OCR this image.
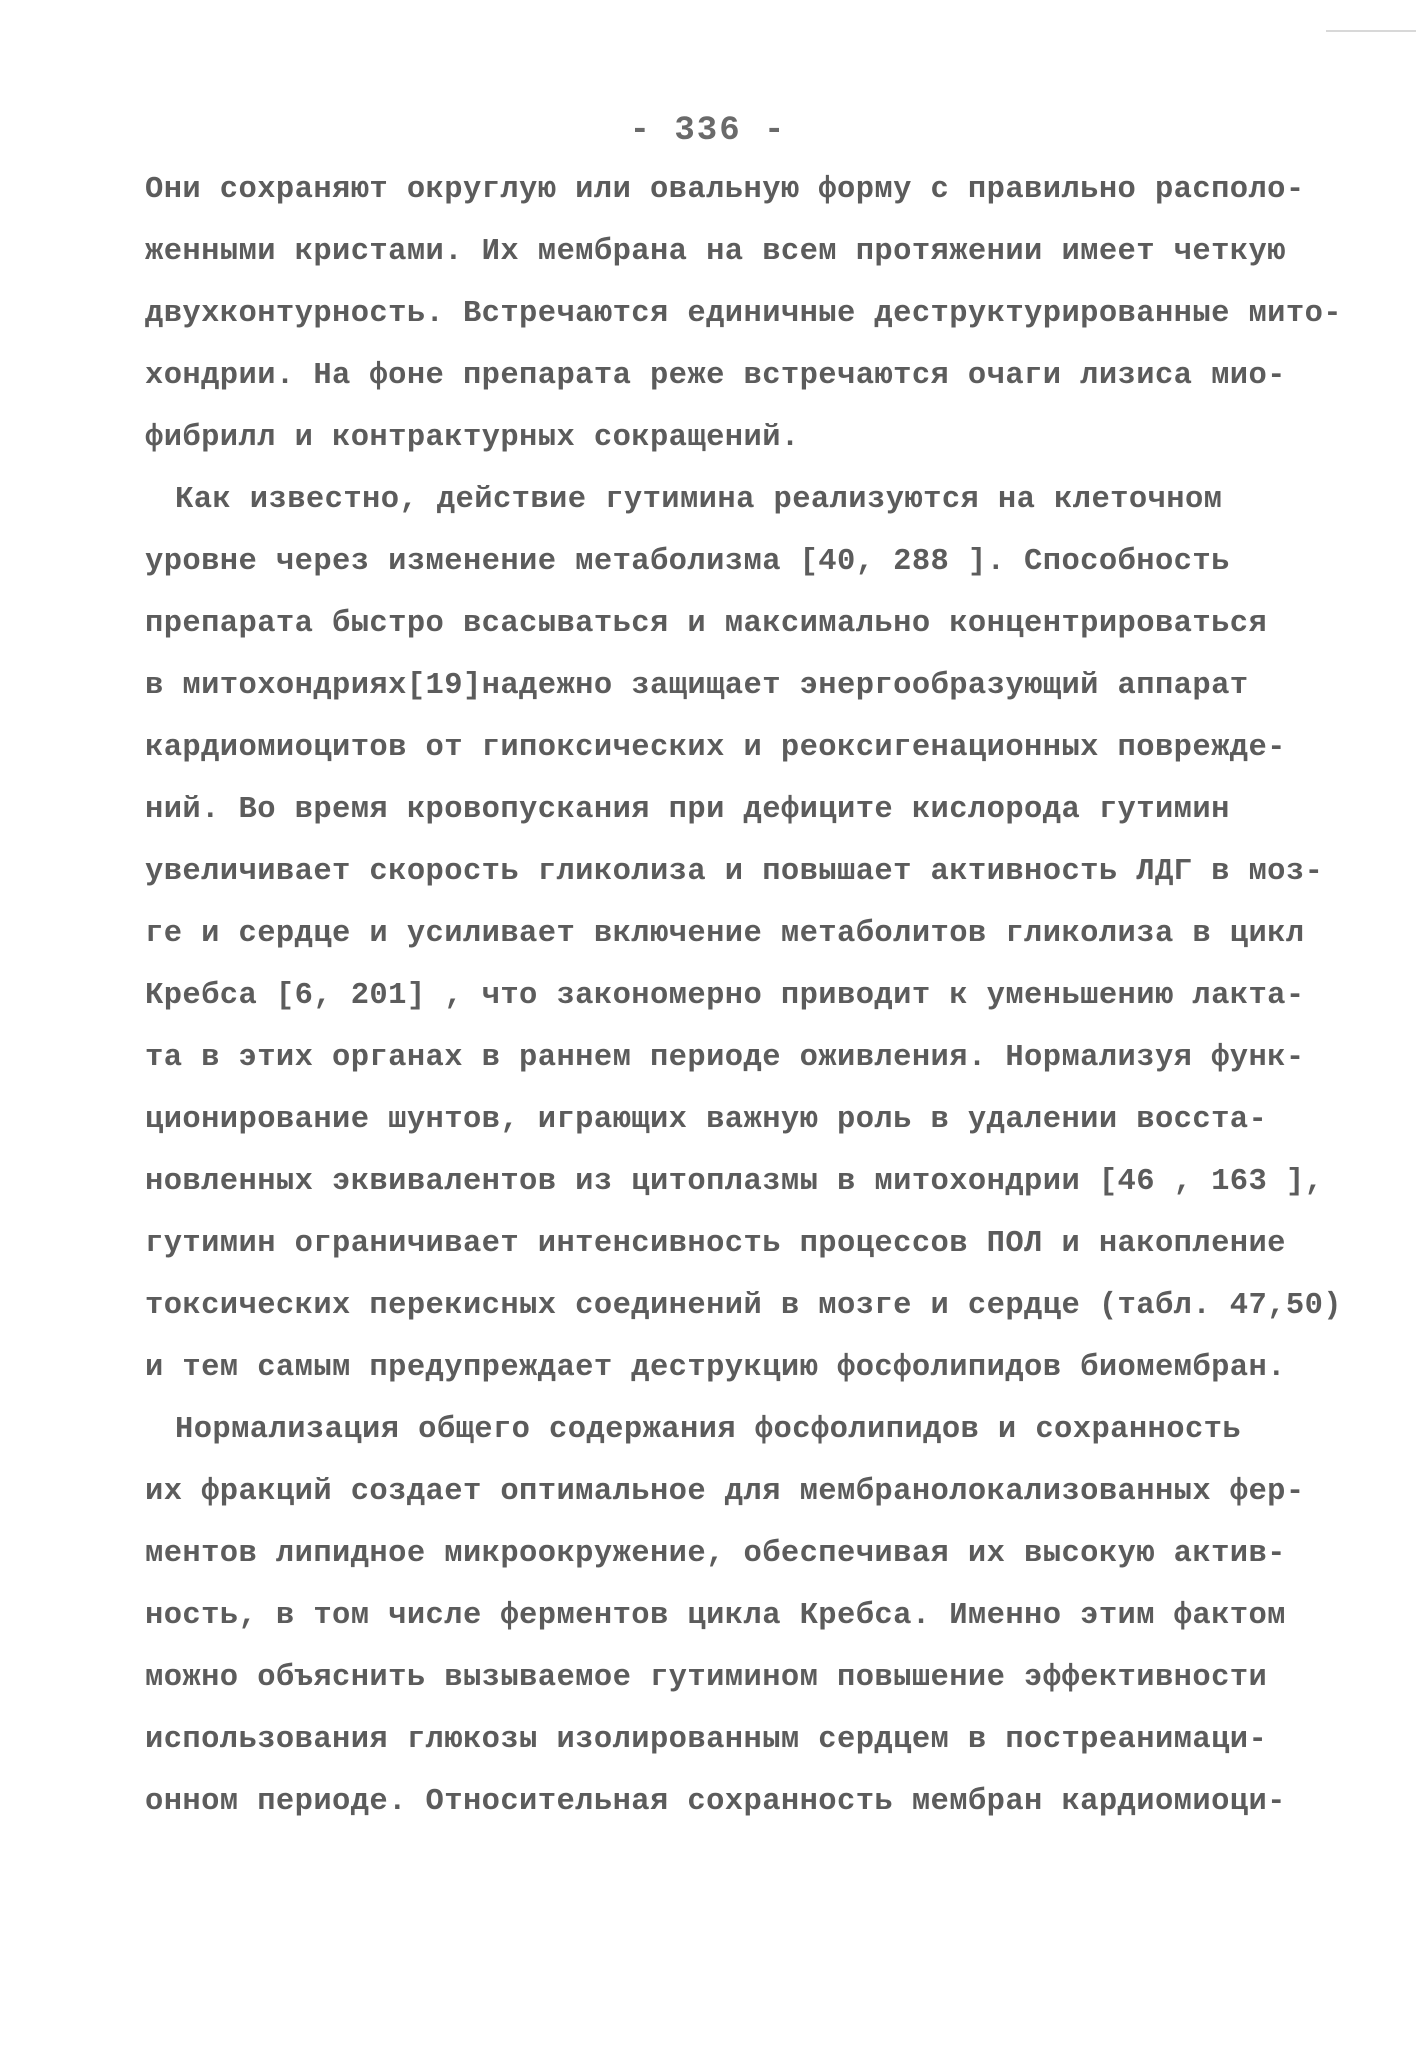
- 336 -
Они сохраняют округлую или овальную форму с правильно располо-
женными кристами. Их мембрана на всем протяжении имеет четкую
двухконтурность. Встречаются единичные деструктурированные мито-
хондрии. На фоне препарата реже встречаются очаги лизиса мио-
фибрилл и контрактурных сокращений.
Как известно, действие гутимина реализуются на клеточном
уровне через изменение метаболизма [40, 288 ]. Способность
препарата быстро всасываться и максимально концентрироваться
в митохондриях[19]надежно защищает энергообразующий аппарат
кардиомиоцитов от гипоксических и реоксигенационных поврежде-
ний. Во время кровопускания при дефиците кислорода гутимин
увеличивает скорость гликолиза и повышает активность ЛДГ в моз-
ге и сердце и усиливает включение метаболитов гликолиза в цикл
Кребса [6, 201] , что закономерно приводит к уменьшению лакта-
та в этих органах в раннем периоде оживления. Нормализуя функ-
ционирование шунтов, играющих важную роль в удалении восста-
новленных эквивалентов из цитоплазмы в митохондрии [46 , 163 ],
гутимин ограничивает интенсивность процессов ПОЛ и накопление
токсических перекисных соединений в мозге и сердце (табл. 47,50)
и тем самым предупреждает деструкцию фосфолипидов биомембран.
Нормализация общего содержания фосфолипидов и сохранность
их фракций создает оптимальное для мембранолокализованных фер-
ментов липидное микроокружение, обеспечивая их высокую актив-
ность, в том числе ферментов цикла Кребса. Именно этим фактом
можно объяснить вызываемое гутимином повышение эффективности
использования глюкозы изолированным сердцем в постреанимаци-
онном периоде. Относительная сохранность мембран кардиомиоци-
